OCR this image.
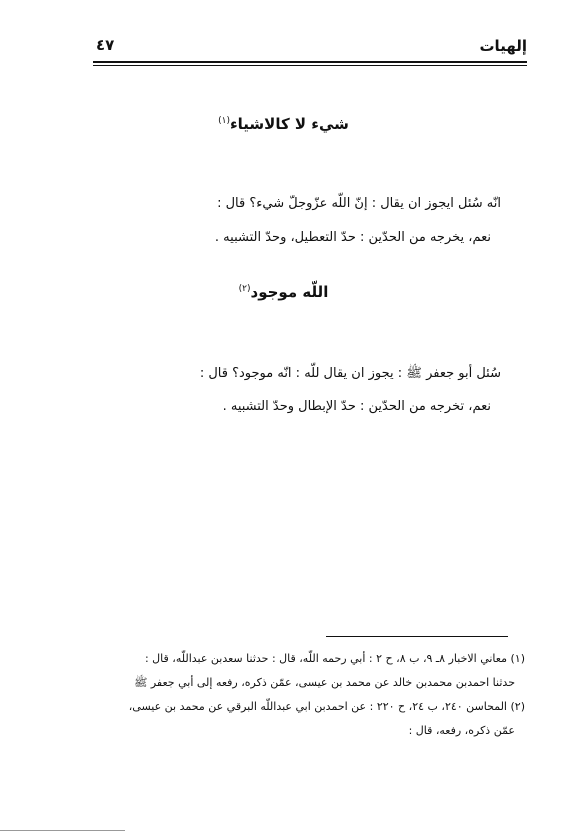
إلهيات
٤٧
شيء لا كالاشياء$^{(١)}$
انّه سُئل ايجوز ان يقال : إنّ اللّه عزّوجلّ شيء؟ قال :
نعم، يخرجه من الحدّين : حدّ التعطيل، وحدّ التشبيه .
اللّه موجود$^{(٢)}$
سُئل أبو جعفر ﷺ : يجوز ان يقال للّه : انّه موجود؟ قال :
نعم، تخرجه من الحدّين : حدّ الإبطال وحدّ التشبيه .
(١) معاني الاخبار ٨ـ ٩، ب ٨، ح ٢ : أبي رحمه اللّه، قال : حدثنا سعدبن عبداللّه، قال :
حدثنا احمدبن محمدبن خالد عن محمد بن عيسى، عمّن ذكره، رفعه إلى أبي جعفر ﷺ
(٢) المحاسن ٢٤٠، ب ٢٤، ح ٢٢٠ : عن احمدبن ابي عبداللّه البرقي عن محمد بن عيسى،
عمّن ذكره، رفعه، قال :
